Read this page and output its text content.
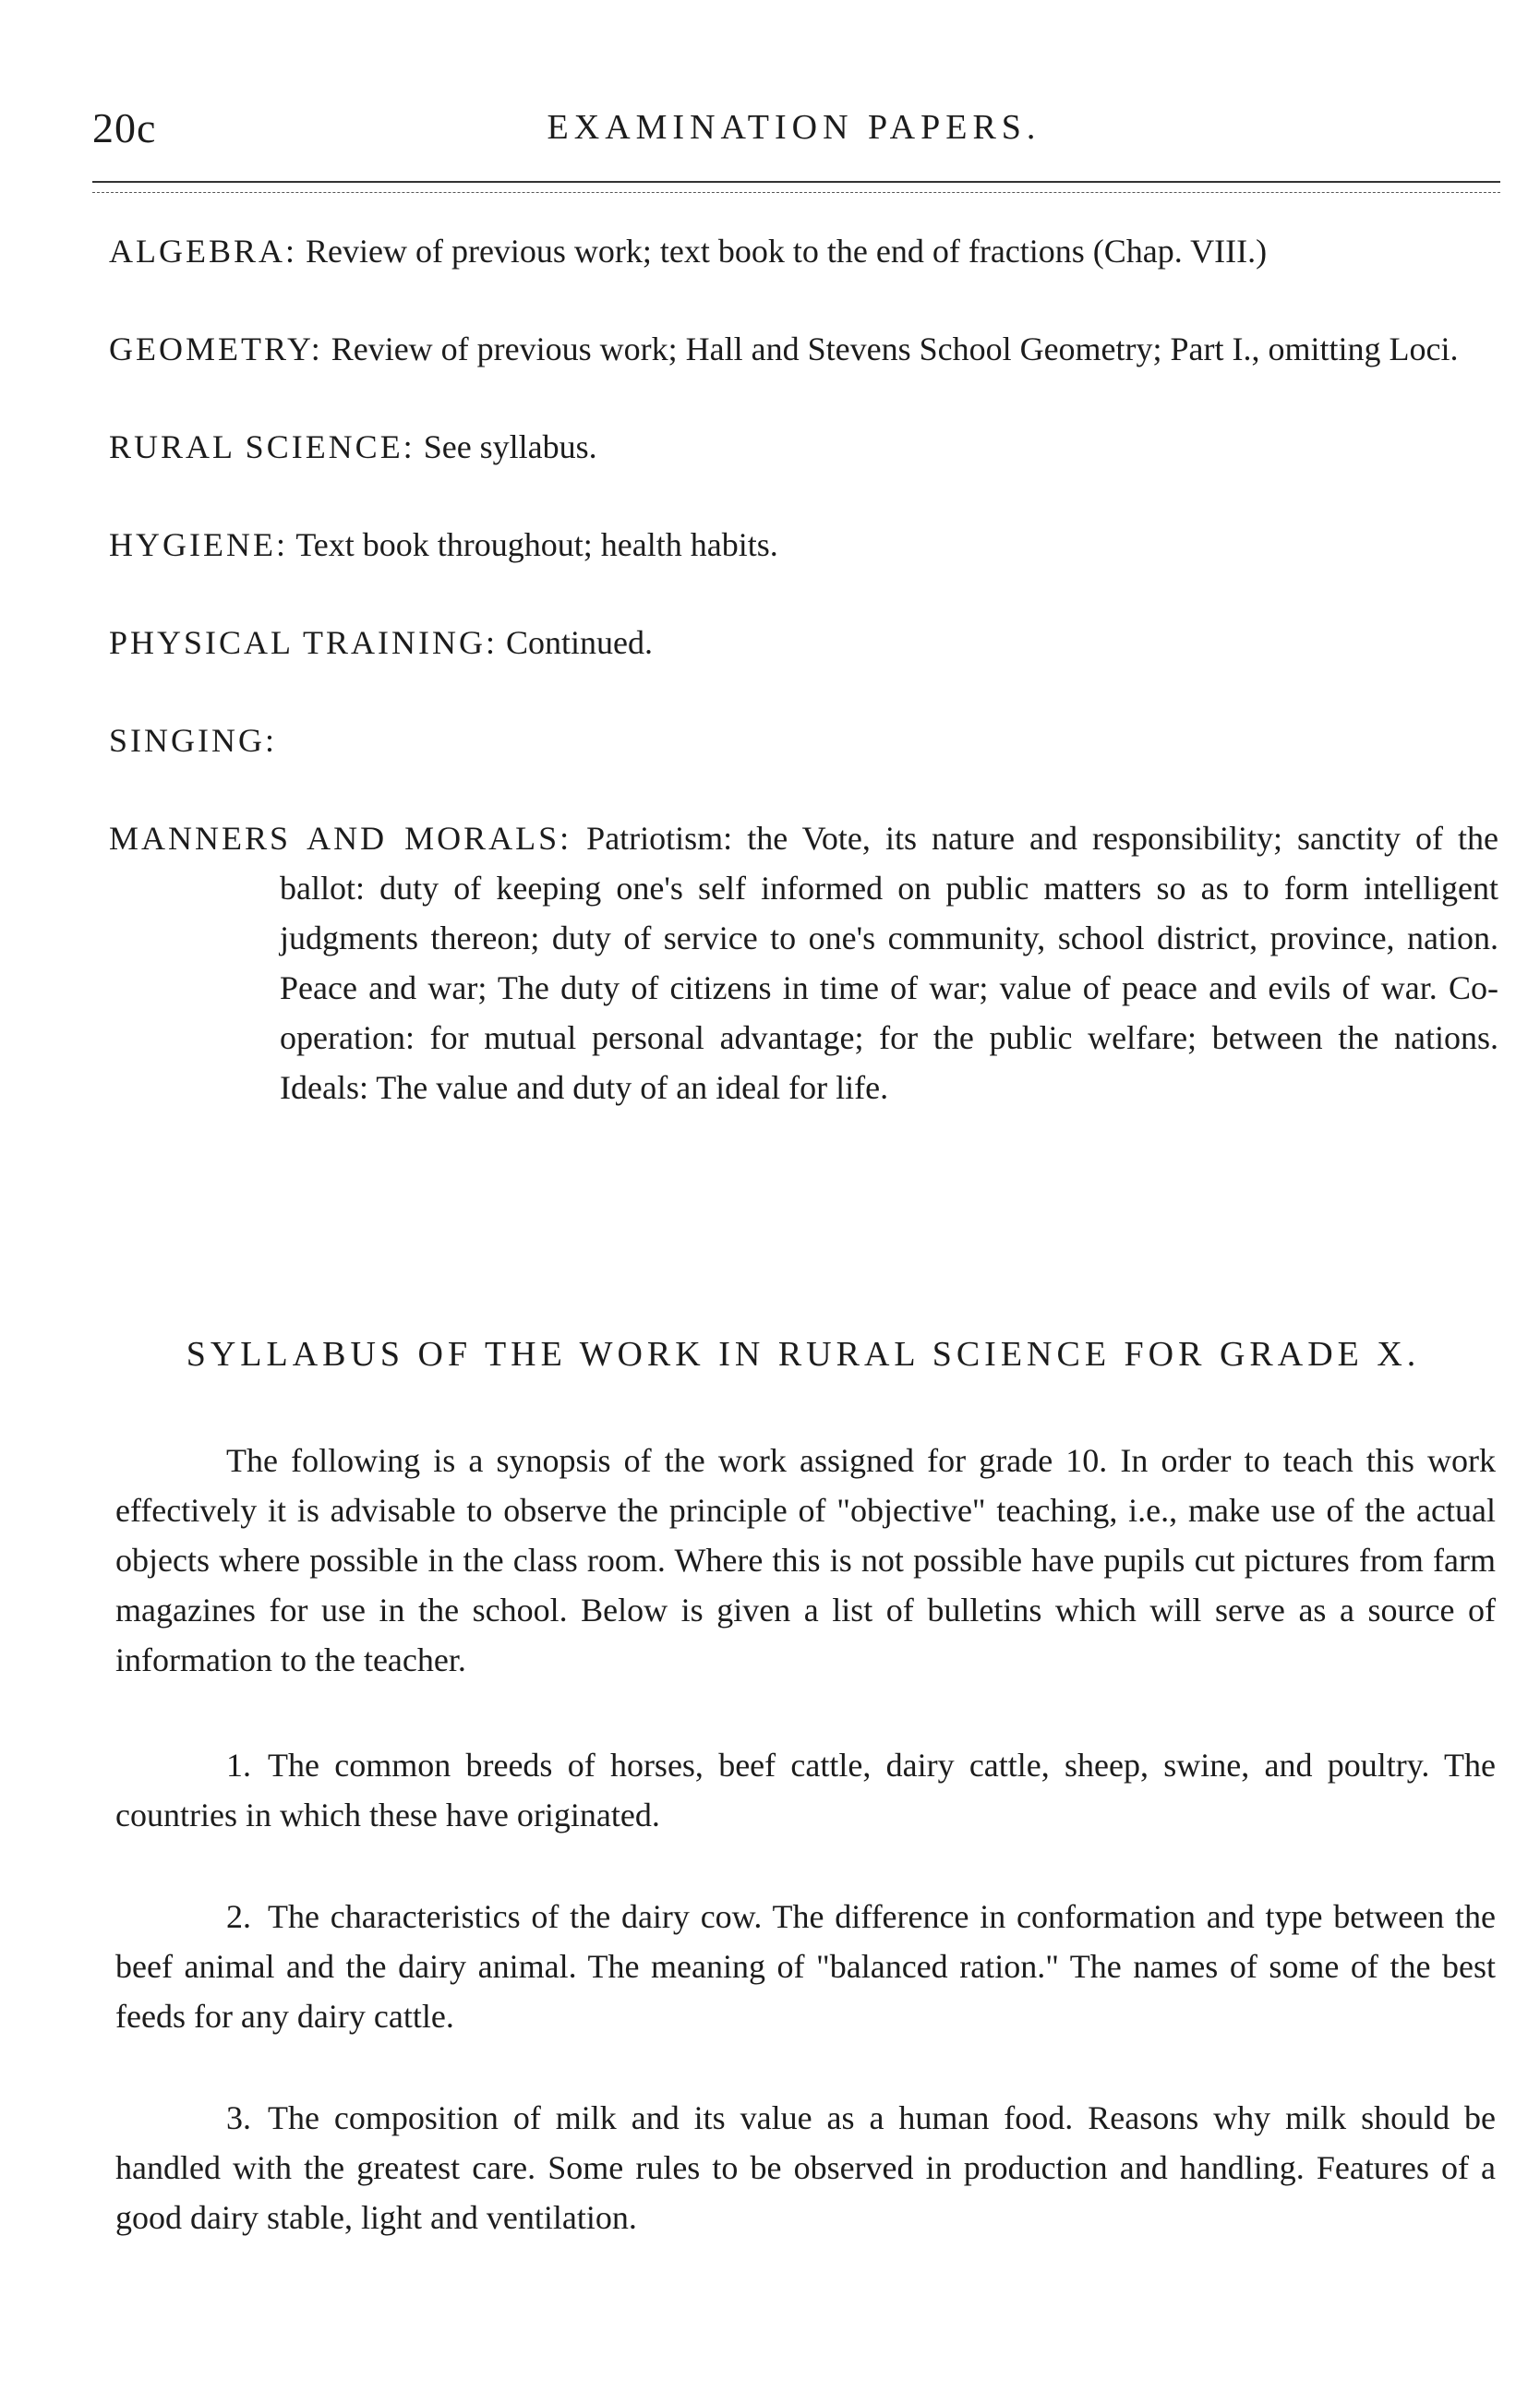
20c	EXAMINATION PAPERS.

ALGEBRA: Review of previous work; text book to the end of fractions (Chap. VIII.)

GEOMETRY: Review of previous work; Hall and Stevens School Geometry; Part I., omitting Loci.

RURAL SCIENCE: See syllabus.

HYGIENE: Text book throughout; health habits.

PHYSICAL TRAINING: Continued.

SINGING:

MANNERS AND MORALS: Patriotism: the Vote, its nature and responsibility; sanctity of the ballot: duty of keeping one's self informed on public matters so as to form intelligent judgments thereon; duty of service to one's community, school district, province, nation. Peace and war; The duty of citizens in time of war; value of peace and evils of war. Co-operation: for mutual personal advantage; for the public welfare; between the nations. Ideals: The value and duty of an ideal for life.

SYLLABUS OF THE WORK IN RURAL SCIENCE FOR GRADE X.

The following is a synopsis of the work assigned for grade 10. In order to teach this work effectively it is advisable to observe the principle of "objective" teaching, i.e., make use of the actual objects where possible in the class room. Where this is not possible have pupils cut pictures from farm magazines for use in the school. Below is given a list of bulletins which will serve as a source of information to the teacher.

1. The common breeds of horses, beef cattle, dairy cattle, sheep, swine, and poultry. The countries in which these have originated.

2. The characteristics of the dairy cow. The difference in conformation and type between the beef animal and the dairy animal. The meaning of "balanced ration." The names of some of the best feeds for any dairy cattle.

3. The composition of milk and its value as a human food. Reasons why milk should be handled with the greatest care. Some rules to be observed in production and handling. Features of a good dairy stable, light and ventilation.
